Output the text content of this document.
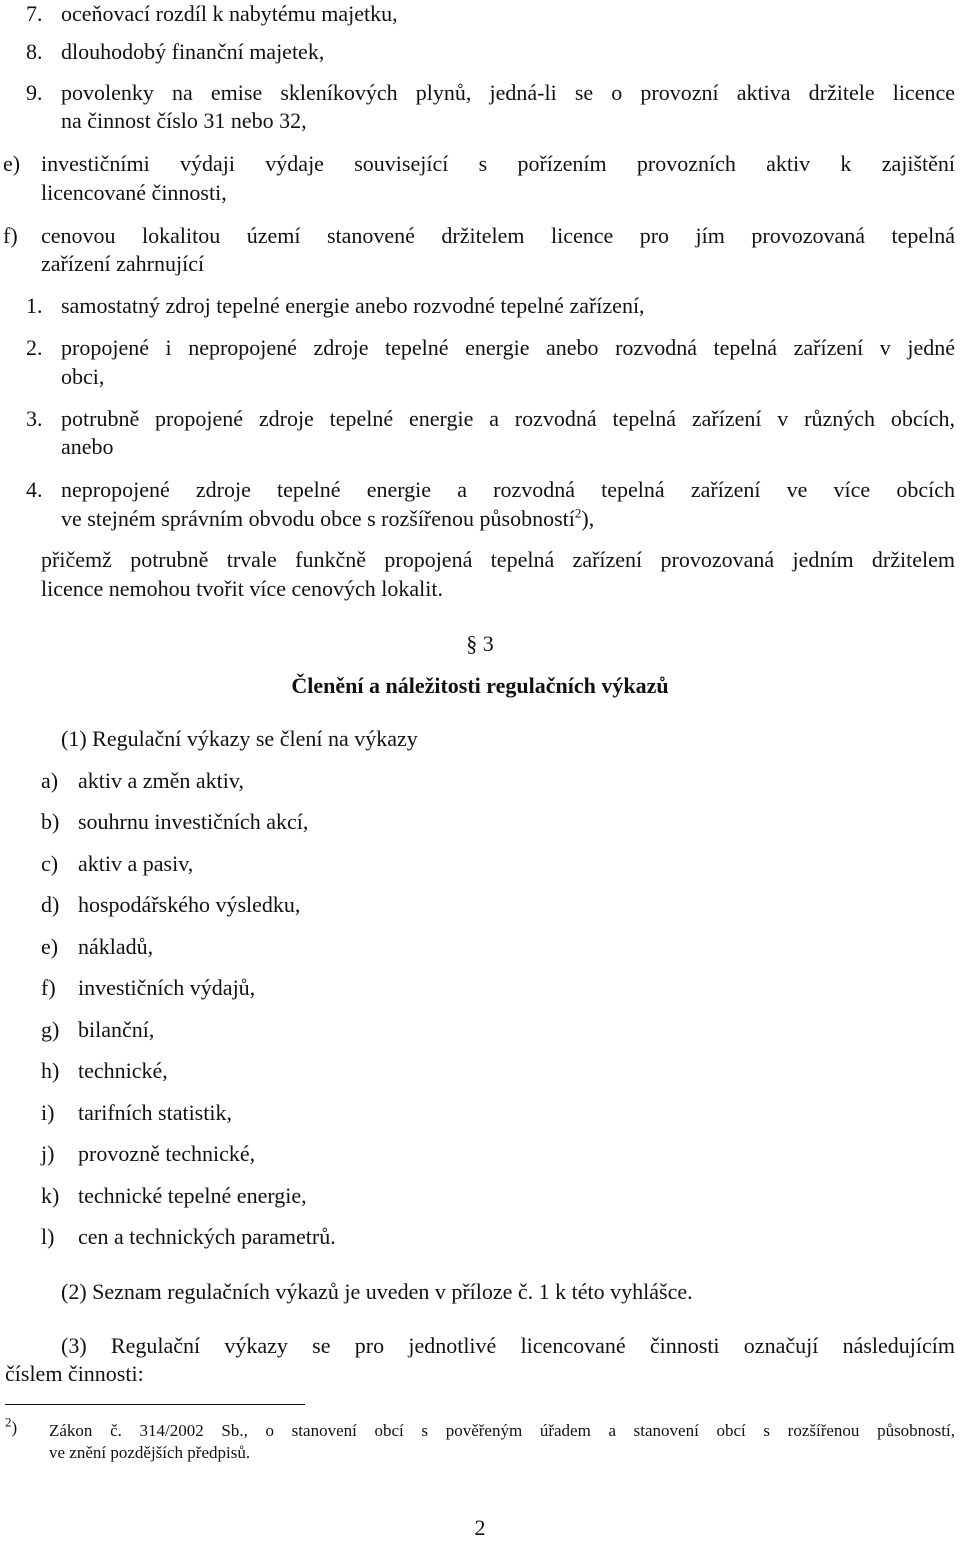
7. oceňovací rozdíl k nabytému majetku,
8. dlouhodobý finanční majetek,
9. povolenky na emise skleníkových plynů, jedná-li se o provozní aktiva držitele licence
na činnost číslo 31 nebo 32,
e) investičními výdaji výdaje související s pořízením provozních aktiv k zajištění
licencované činnosti,
f) cenovou lokalitou území stanovené držitelem licence pro jím provozovaná tepelná
zařízení zahrnující
1. samostatný zdroj tepelné energie anebo rozvodné tepelné zařízení,
2. propojené i nepropojené zdroje tepelné energie anebo rozvodná tepelná zařízení v jedné
obci,
3. potrubně propojené zdroje tepelné energie a rozvodná tepelná zařízení v různých obcích,
anebo
4. nepropojené zdroje tepelné energie a rozvodná tepelná zařízení ve více obcích
ve stejném správním obvodu obce s rozšířenou působností$^2$),
přičemž potrubně trvale funkčně propojená tepelná zařízení provozovaná jedním držitelem
licence nemohou tvořit více cenových lokalit.
§ 3
Členění a náležitosti regulačních výkazů
(1) Regulační výkazy se člení na výkazy
a) aktiv a změn aktiv,
b) souhrnu investičních akcí,
c) aktiv a pasiv,
d) hospodářského výsledku,
e) nákladů,
f) investičních výdajů,
g) bilanční,
h) technické,
i) tarifních statistik,
j) provozně technické,
k) technické tepelné energie,
l) cen a technických parametrů.
(2) Seznam regulačních výkazů je uveden v příloze č. 1 k této vyhlášce.
(3) Regulační výkazy se pro jednotlivé licencované činnosti označují následujícím
číslem činnosti:
$^2$) Zákon č. 314/2002 Sb., o stanovení obcí s pověřeným úřadem a stanovení obcí s rozšířenou působností,
ve znění pozdějších předpisů.
2
